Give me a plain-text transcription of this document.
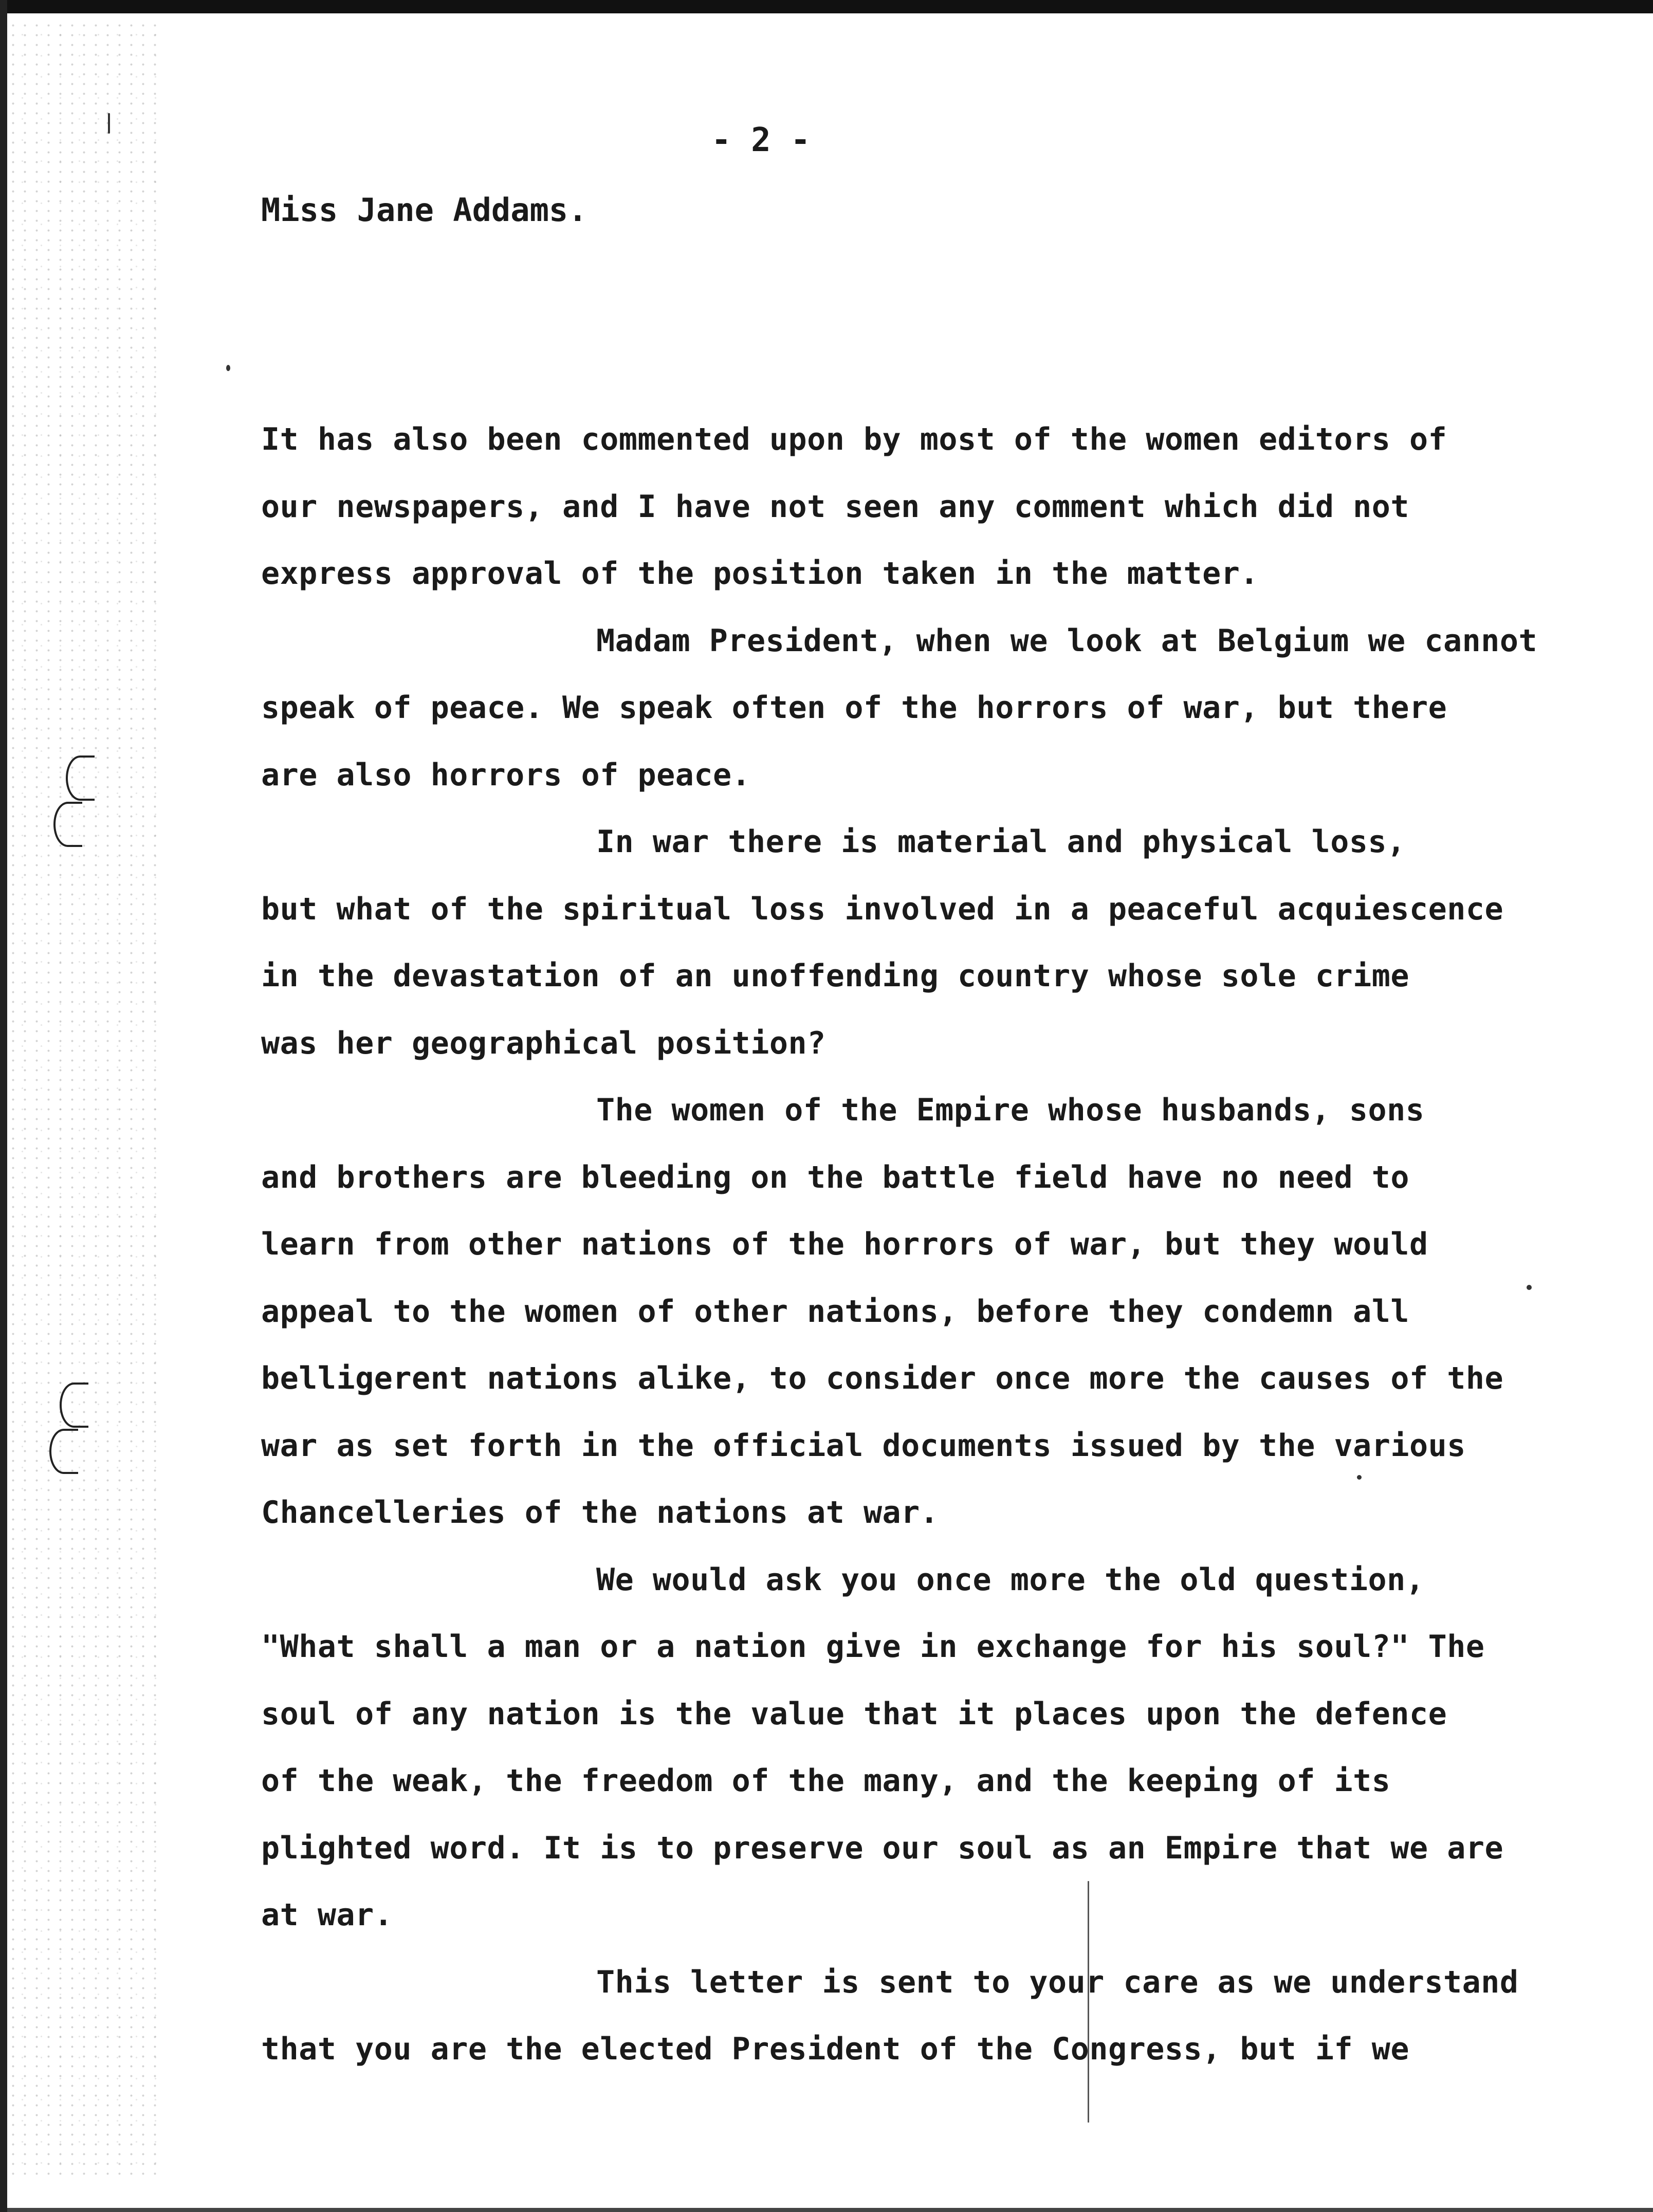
- 2 -
Miss Jane Addams.
It has also been commented upon by most of the women editors of
our newspapers, and I have not seen any comment which did not
express approval of the position taken in the matter.
Madam President, when we look at Belgium we cannot
speak of peace. We speak often of the horrors of war, but there
are also horrors of peace.
In war there is material and physical loss,
but what of the spiritual loss involved in a peaceful acquiescence
in the devastation of an unoffending country whose sole crime
was her geographical position?
The women of the Empire whose husbands, sons
and brothers are bleeding on the battle field have no need to
learn from other nations of the horrors of war, but they would
appeal to the women of other nations, before they condemn all
belligerent nations alike, to consider once more the causes of the
war as set forth in the official documents issued by the various
Chancelleries of the nations at war.
We would ask you once more the old question,
"What shall a man or a nation give in exchange for his soul?" The
soul of any nation is the value that it places upon the defence
of the weak, the freedom of the many, and the keeping of its
plighted word. It is to preserve our soul as an Empire that we are
at war.
This letter is sent to your care as we understand
that you are the elected President of the Congress, but if we
